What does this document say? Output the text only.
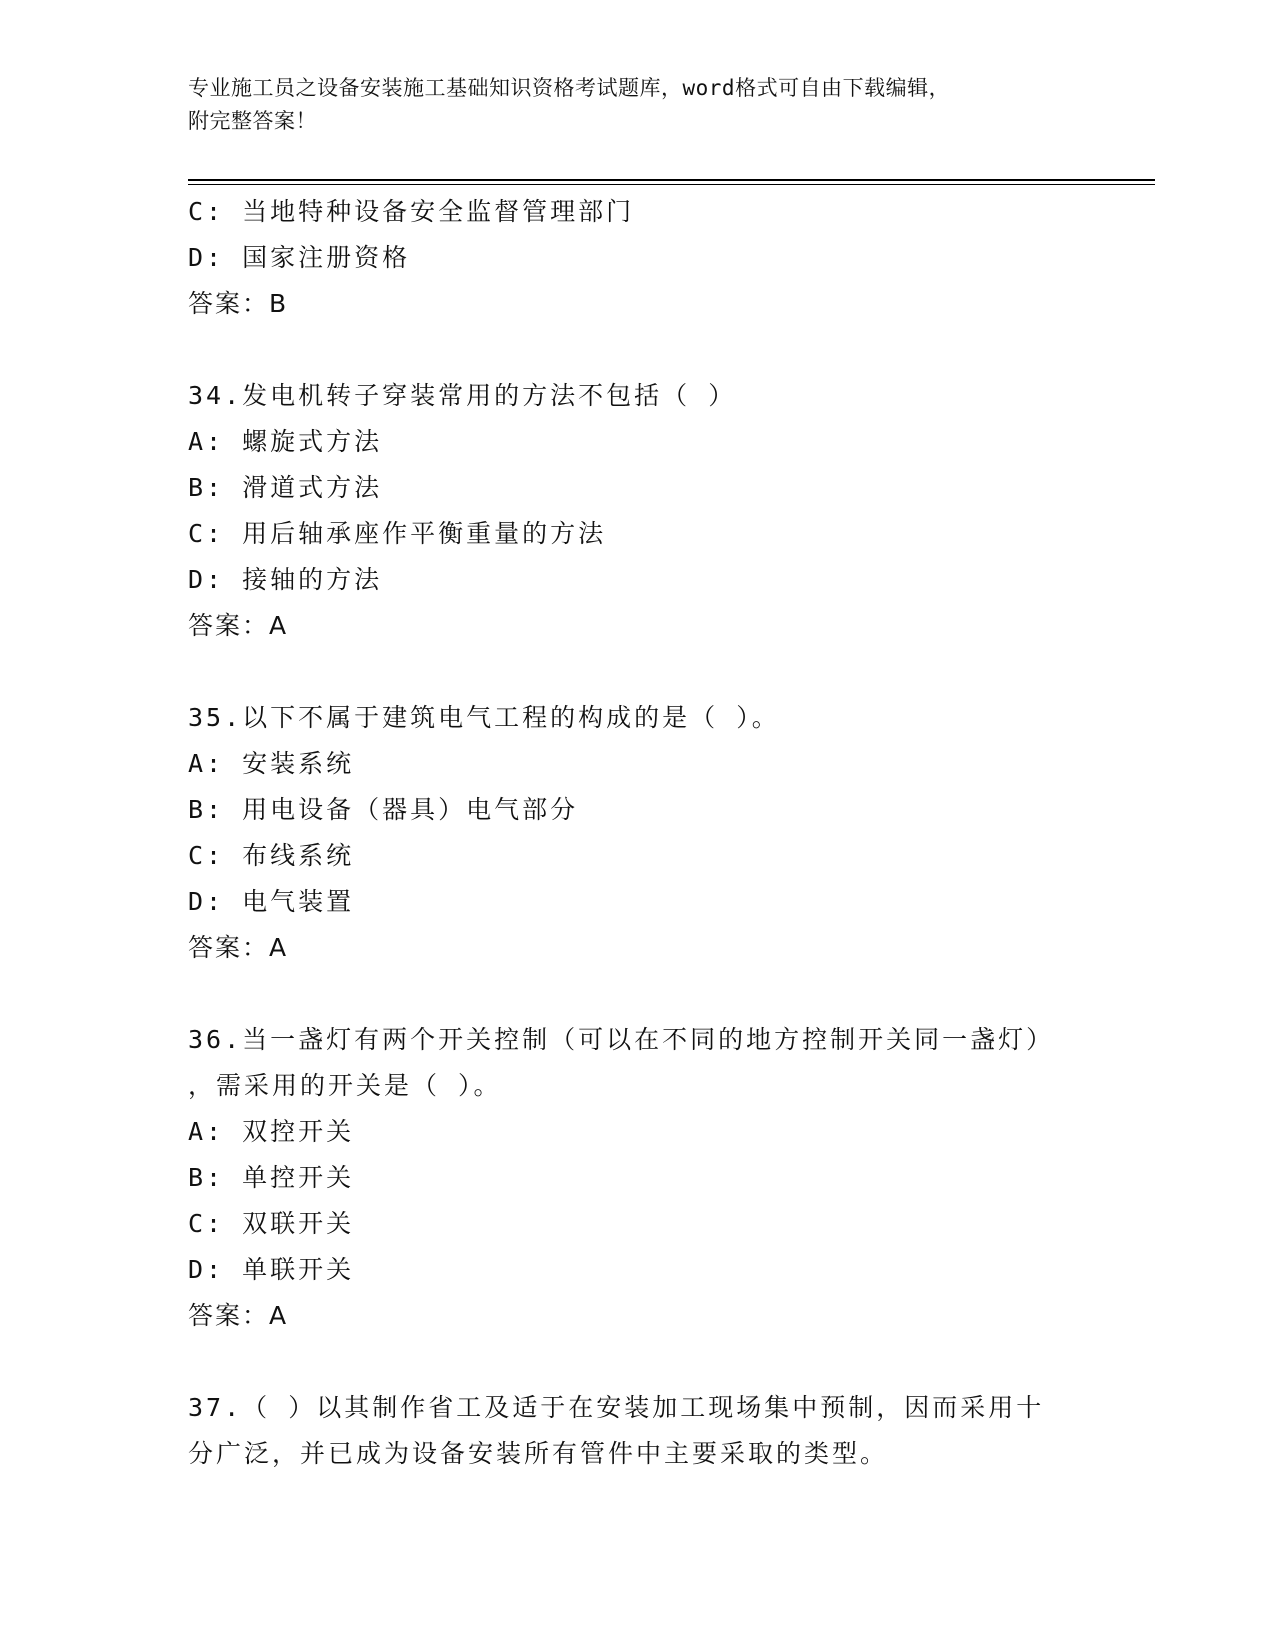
专业施工员之设备安装施工基础知识资格考试题库，word格式可自由下载编辑，
附完整答案！
C: 当地特种设备安全监督管理部门
D: 国家注册资格
答案：B
34.发电机转子穿装常用的方法不包括（ ）
A: 螺旋式方法
B: 滑道式方法
C: 用后轴承座作平衡重量的方法
D: 接轴的方法
答案：A
35.以下不属于建筑电气工程的构成的是（ ）。
A: 安装系统
B: 用电设备（器具）电气部分
C: 布线系统
D: 电气装置
答案：A
36.当一盏灯有两个开关控制（可以在不同的地方控制开关同一盏灯）
，需采用的开关是（ ）。
A: 双控开关
B: 单控开关
C: 双联开关
D: 单联开关
答案：A
37.（ ）以其制作省工及适于在安装加工现场集中预制，因而采用十
分广泛，并已成为设备安装所有管件中主要采取的类型。
